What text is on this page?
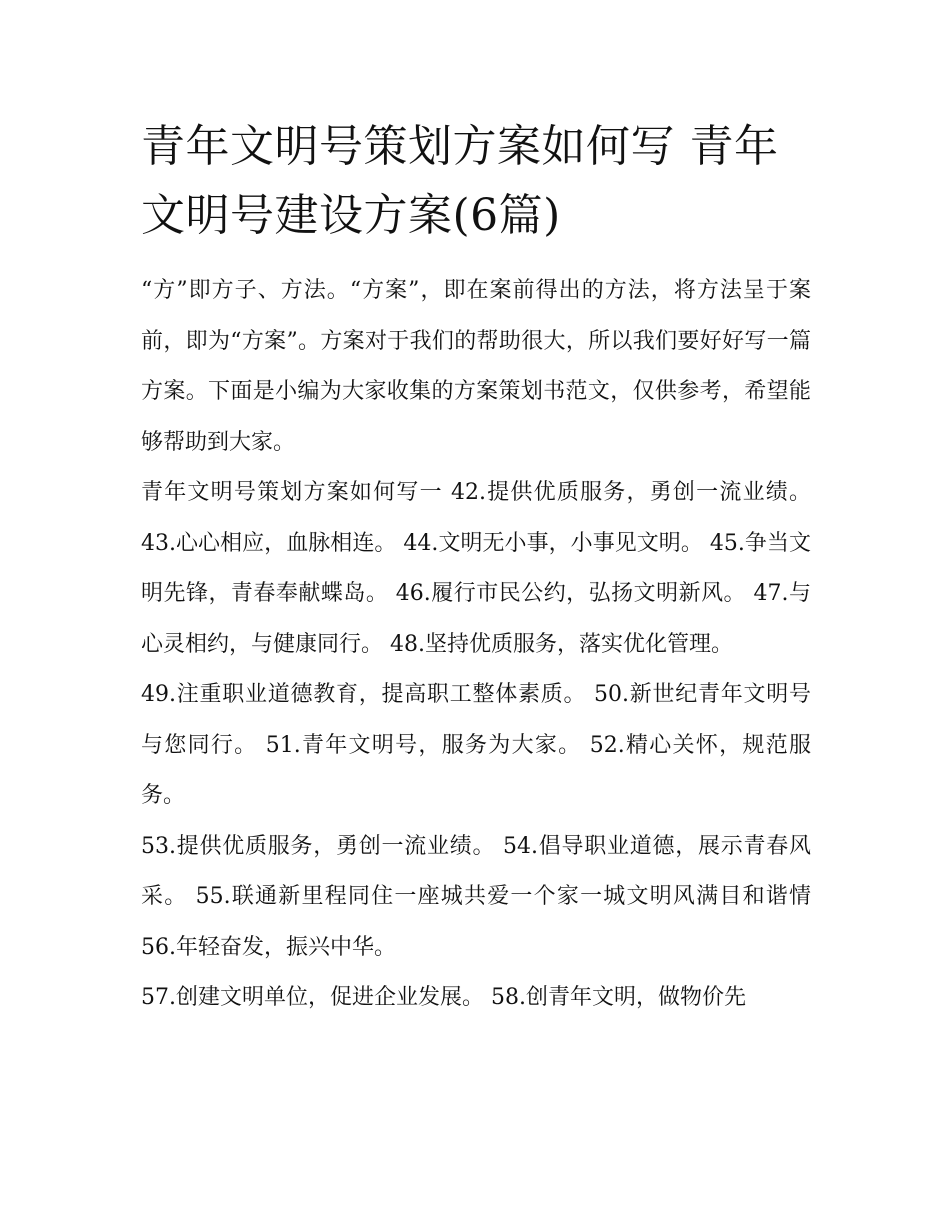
青年文明号策划方案如何写 青年文明号建设方案(6篇)

“方”即方子、方法。“方案”，即在案前得出的方法，将方法呈于案前，即为“方案”。方案对于我们的帮助很大，所以我们要好好写一篇方案。下面是小编为大家收集的方案策划书范文，仅供参考，希望能够帮助到大家。

青年文明号策划方案如何写一 42.提供优质服务，勇创一流业绩。 43.心心相应，血脉相连。 44.文明无小事，小事见文明。 45.争当文明先锋，青春奉献蝶岛。 46.履行市民公约，弘扬文明新风。 47.与心灵相约，与健康同行。 48.坚持优质服务，落实优化管理。

49.注重职业道德教育，提高职工整体素质。 50.新世纪青年文明号与您同行。 51.青年文明号，服务为大家。 52.精心关怀，规范服务。

53.提供优质服务，勇创一流业绩。 54.倡导职业道德，展示青春风采。 55.联通新里程同住一座城共爱一个家一城文明风满目和谐情 56.年轻奋发，振兴中华。

57.创建文明单位，促进企业发展。 58.创青年文明，做物价先
